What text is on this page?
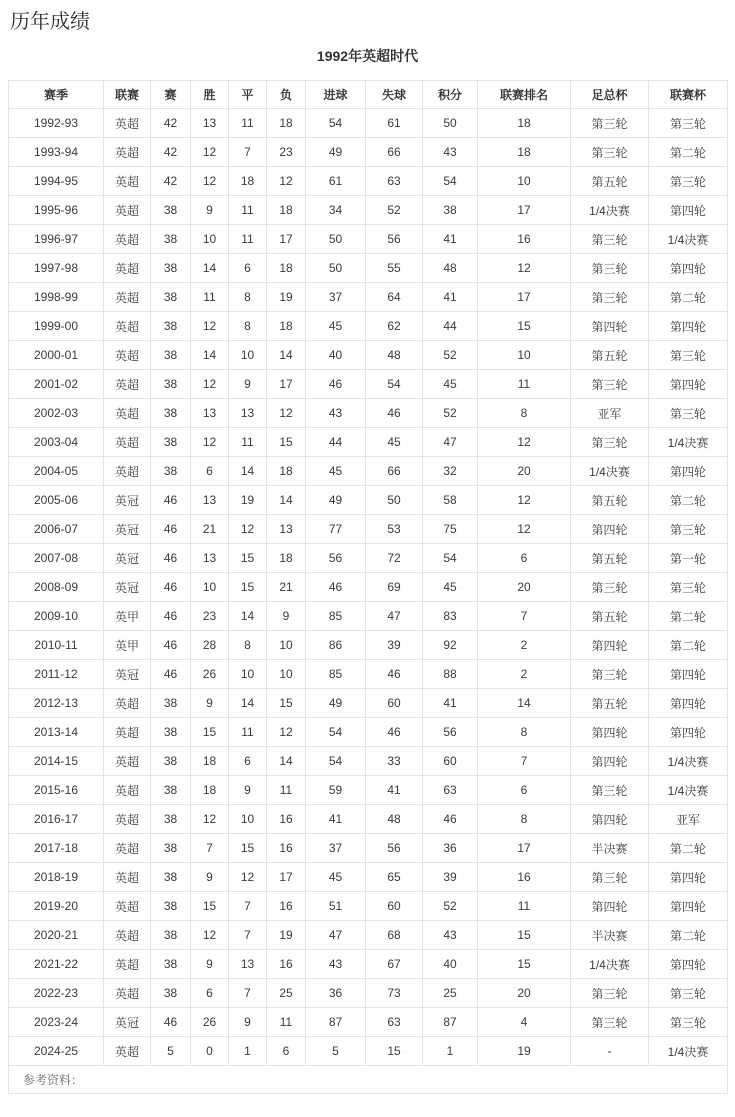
历年成绩
1992年英超时代
赛季	联赛	赛	胜	平	负	进球	失球	积分	联赛排名	足总杯	联赛杯
1992-93	英超	42	13	11	18	54	61	50	18	第三轮	第三轮
1993-94	英超	42	12	7	23	49	66	43	18	第三轮	第二轮
1994-95	英超	42	12	18	12	61	63	54	10	第五轮	第三轮
1995-96	英超	38	9	11	18	34	52	38	17	1/4决赛	第四轮
1996-97	英超	38	10	11	17	50	56	41	16	第三轮	1/4决赛
1997-98	英超	38	14	6	18	50	55	48	12	第三轮	第四轮
1998-99	英超	38	11	8	19	37	64	41	17	第三轮	第二轮
1999-00	英超	38	12	8	18	45	62	44	15	第四轮	第四轮
2000-01	英超	38	14	10	14	40	48	52	10	第五轮	第三轮
2001-02	英超	38	12	9	17	46	54	45	11	第三轮	第四轮
2002-03	英超	38	13	13	12	43	46	52	8	亚军	第三轮
2003-04	英超	38	12	11	15	44	45	47	12	第三轮	1/4决赛
2004-05	英超	38	6	14	18	45	66	32	20	1/4决赛	第四轮
2005-06	英冠	46	13	19	14	49	50	58	12	第五轮	第二轮
2006-07	英冠	46	21	12	13	77	53	75	12	第四轮	第三轮
2007-08	英冠	46	13	15	18	56	72	54	6	第五轮	第一轮
2008-09	英冠	46	10	15	21	46	69	45	20	第三轮	第三轮
2009-10	英甲	46	23	14	9	85	47	83	7	第五轮	第二轮
2010-11	英甲	46	28	8	10	86	39	92	2	第四轮	第二轮
2011-12	英冠	46	26	10	10	85	46	88	2	第三轮	第四轮
2012-13	英超	38	9	14	15	49	60	41	14	第五轮	第四轮
2013-14	英超	38	15	11	12	54	46	56	8	第四轮	第四轮
2014-15	英超	38	18	6	14	54	33	60	7	第四轮	1/4决赛
2015-16	英超	38	18	9	11	59	41	63	6	第三轮	1/4决赛
2016-17	英超	38	12	10	16	41	48	46	8	第四轮	亚军
2017-18	英超	38	7	15	16	37	56	36	17	半决赛	第二轮
2018-19	英超	38	9	12	17	45	65	39	16	第三轮	第四轮
2019-20	英超	38	15	7	16	51	60	52	11	第四轮	第四轮
2020-21	英超	38	12	7	19	47	68	43	15	半决赛	第二轮
2021-22	英超	38	9	13	16	43	67	40	15	1/4决赛	第四轮
2022-23	英超	38	6	7	25	36	73	25	20	第三轮	第三轮
2023-24	英冠	46	26	9	11	87	63	87	4	第三轮	第三轮
2024-25	英超	5	0	1	6	5	15	1	19	-	1/4决赛
参考资料：											
